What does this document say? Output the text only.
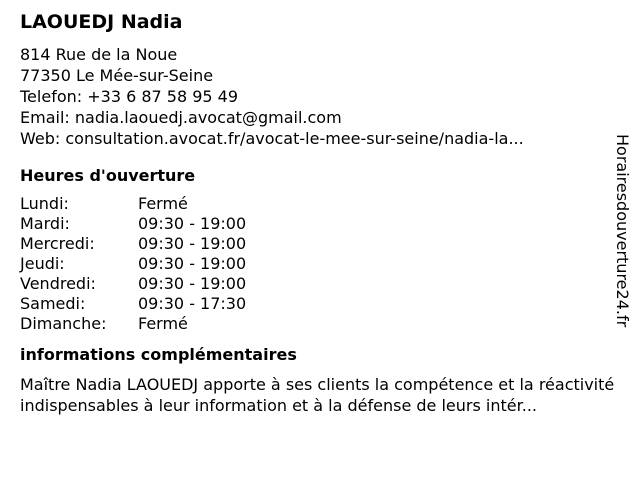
LAOUEDJ Nadia
814 Rue de la Noue
77350 Le Mée-sur-Seine
Telefon: +33 6 87 58 95 49
Email: nadia.laouedj.avocat@gmail.com
Web: consultation.avocat.fr/avocat-le-mee-sur-seine/nadia-la...
Heures d'ouverture
Lundi:	Fermé
Mardi:	09:30 - 19:00
Mercredi:	09:30 - 19:00
Jeudi:	09:30 - 19:00
Vendredi:	09:30 - 19:00
Samedi:	09:30 - 17:30
Dimanche:	Fermé
informations complémentaires
Maître Nadia LAOUEDJ apporte à ses clients la compétence et la réactivité indispensables à leur information et à la défense de leurs intér...
Horairesdouverture24.fr
